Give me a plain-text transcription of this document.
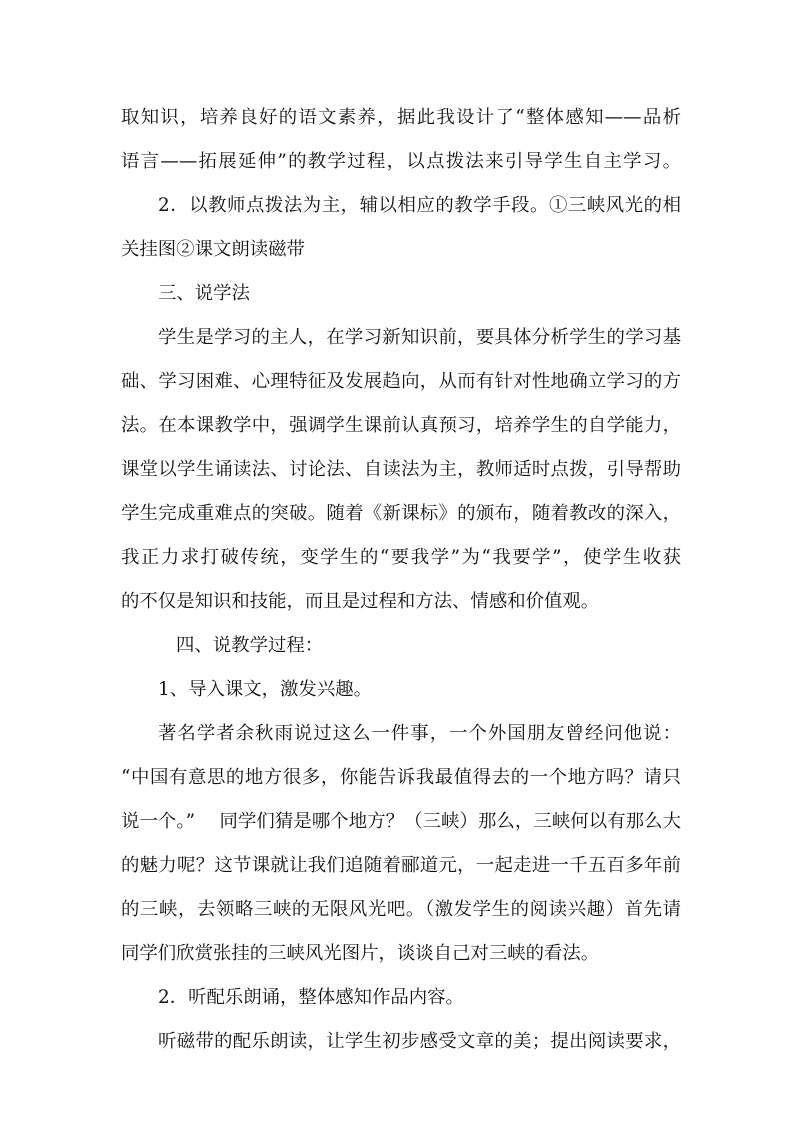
取知识，培养良好的语文素养，据此我设计了“整体感知——品析
语言——拓展延伸”的教学过程，以点拨法来引导学生自主学习。
2．以教师点拨法为主，辅以相应的教学手段。①三峡风光的相
关挂图②课文朗读磁带
三、说学法
学生是学习的主人，在学习新知识前，要具体分析学生的学习基
础、学习困难、心理特征及发展趋向，从而有针对性地确立学习的方
法。在本课教学中，强调学生课前认真预习，培养学生的自学能力，
课堂以学生诵读法、讨论法、自读法为主，教师适时点拨，引导帮助
学生完成重难点的突破。随着《新课标》的颁布，随着教改的深入，
我正力求打破传统，变学生的“要我学”为“我要学”，使学生收获
的不仅是知识和技能，而且是过程和方法、情感和价值观。
四、说教学过程：
1、导入课文，激发兴趣。
著名学者余秋雨说过这么一件事，一个外国朋友曾经问他说：
“中国有意思的地方很多，你能告诉我最值得去的一个地方吗？请只
说一个。”　 同学们猜是哪个地方？（三峡）那么，三峡何以有那么大
的魅力呢？这节课就让我们追随着郦道元，一起走进一千五百多年前
的三峡，去领略三峡的无限风光吧。（激发学生的阅读兴趣）首先请
同学们欣赏张挂的三峡风光图片，谈谈自己对三峡的看法。
2．听配乐朗诵，整体感知作品内容。
听磁带的配乐朗读，让学生初步感受文章的美；提出阅读要求，
